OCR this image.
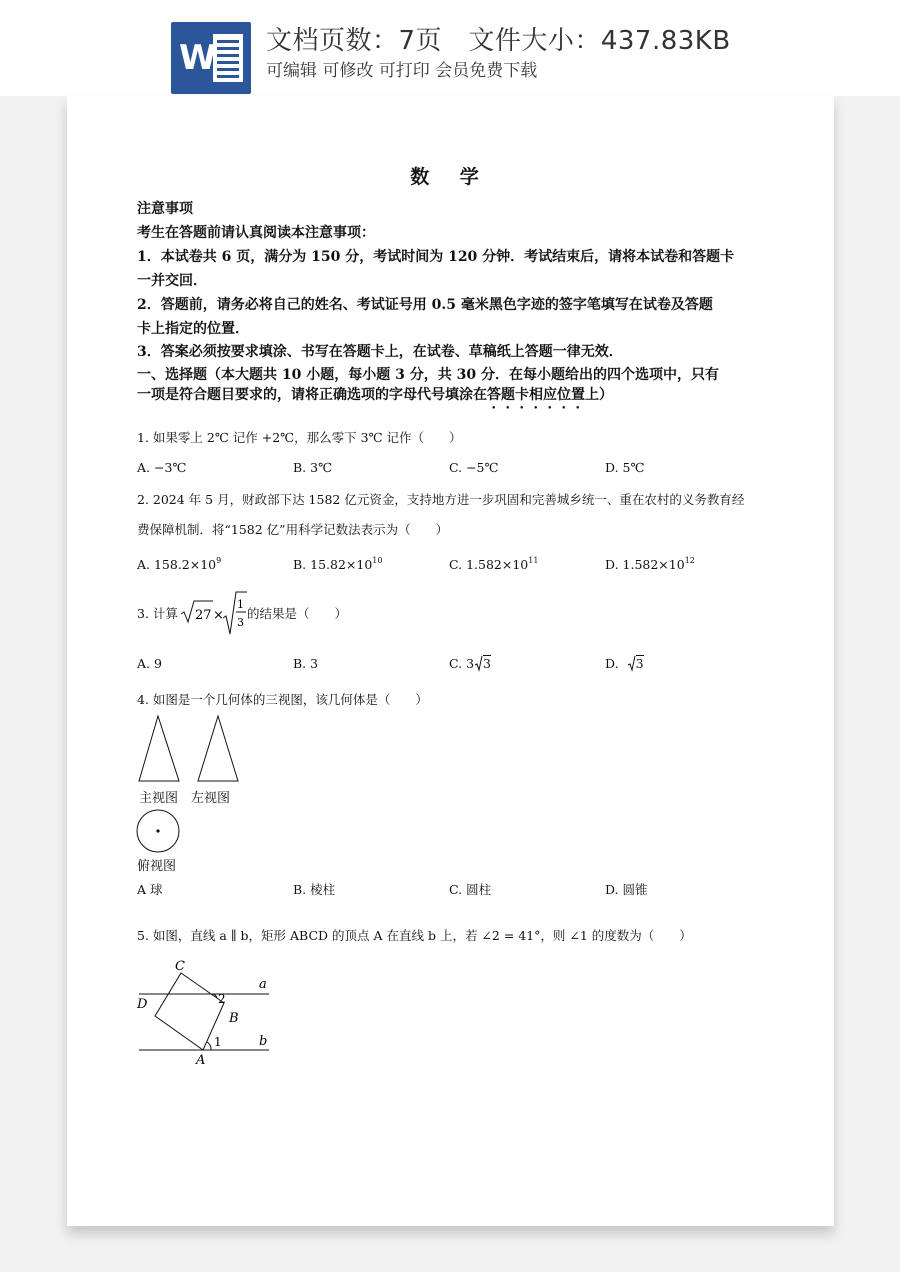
W 文档页数：7页   文件大小：437.83KB
可编辑 可修改 可打印 会员免费下载
数 学
注意事项
考生在答题前请认真阅读本注意事项：
1．本试卷共 6 页，满分为 150 分，考试时间为 120 分钟．考试结束后，请将本试卷和答题卡
一并交回．
2．答题前，请务必将自己的姓名、考试证号用 0.5 毫米黑色字迹的签字笔填写在试卷及答题
卡上指定的位置．
3．答案必须按要求填涂、书写在答题卡上，在试卷、草稿纸上答题一律无效．
一、选择题（本大题共 10 小题，每小题 3 分，共 30 分．在每小题给出的四个选项中，只有
一项是符合题目要求的，请将正确选项的字母代号填涂在答题卡相应位置上）
1. 如果零上 2℃ 记作 +2℃，那么零下 3℃ 记作（　　）
A. −3℃	B. 3℃	C. −5℃	D. 5℃
2. 2024 年 5 月，财政部下达 1582 亿元资金，支持地方进一步巩固和完善城乡统一、重在农村的义务教育经
费保障机制．将“1582 亿”用科学记数法表示为（　　）
A. $158.2\times 10^9$	B. $15.82\times 10^{10}$	C. $1.582\times 10^{11}$	D. $1.582\times 10^{12}$
3. 计算 27 ×
1
3
的结果是（　　）
A. 9	B. 3	C. 3 3	D. 3
4. 如图是一个几何体的三视图，该几何体是（　　）
主视图 左视图
俯视图
A 球	B. 棱柱	C. 圆柱	D. 圆锥
5. 如图，直线 a ∥ b，矩形 ABCD 的顶点 A 在直线 b 上，若 ∠2 = 41°，则 ∠1 的度数为（　　）
C
D
B
A
a
b
1
2
